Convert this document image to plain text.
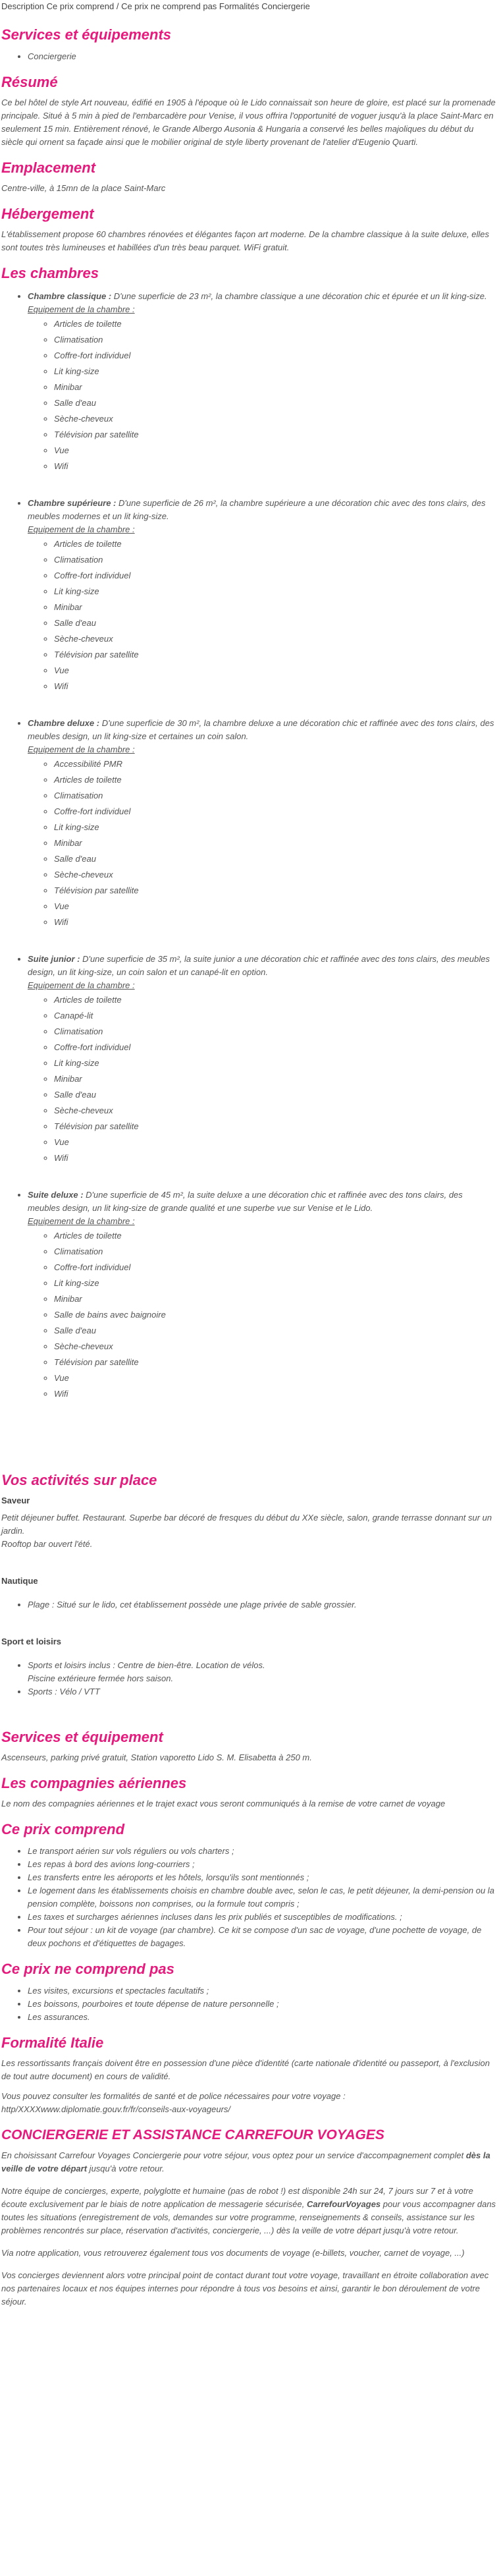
Description Ce prix comprend / Ce prix ne comprend pas Formalités Conciergerie

Services et équipements
• Conciergerie
Résumé

Ce bel hôtel de style Art nouveau, édifié en 1905 à l'époque où le Lido connaissait son heure de gloire, est placé sur la promenade principale. Situé à 5 min à pied de l'embarcadère pour Venise, il vous offrira l'opportunité de voguer jusqu'à la place Saint-Marc en seulement 15 min. Entièrement rénové, le Grande Albergo Ausonia & Hungaria a conservé les belles majoliques du début du siècle qui ornent sa façade ainsi que le mobilier original de style liberty provenant de l'atelier d'Eugenio Quarti.

Emplacement

Centre-ville, à 15mn de la place Saint-Marc

Hébergement

L'établissement propose 60 chambres rénovées et élégantes façon art moderne. De la chambre classique à la suite deluxe, elles sont toutes très lumineuses et habillées d'un très beau parquet. WiFi gratuit.

Les chambres
• Chambre classique : D'une superficie de 23 m², la chambre classique a une décoration chic et épurée et un lit king-size.
Equipement de la chambre :
◦ Articles de toilette
◦ Climatisation
◦ Coffre-fort individuel
◦ Lit king-size
◦ Minibar
◦ Salle d'eau
◦ Sèche-cheveux
◦ Télévision par satellite
◦ Vue
◦ Wifi
• Chambre supérieure : D'une superficie de 26 m², la chambre supérieure a une décoration chic avec des tons clairs, des meubles modernes et un lit king-size.
Equipement de la chambre :
◦ Articles de toilette
◦ Climatisation
◦ Coffre-fort individuel
◦ Lit king-size
◦ Minibar
◦ Salle d'eau
◦ Sèche-cheveux
◦ Télévision par satellite
◦ Vue
◦ Wifi
• Chambre deluxe : D'une superficie de 30 m², la chambre deluxe a une décoration chic et raffinée avec des tons clairs, des meubles design, un lit king-size et certaines un coin salon.
Equipement de la chambre :
◦ Accessibilité PMR
◦ Articles de toilette
◦ Climatisation
◦ Coffre-fort individuel
◦ Lit king-size
◦ Minibar
◦ Salle d'eau
◦ Sèche-cheveux
◦ Télévision par satellite
◦ Vue
◦ Wifi
• Suite junior : D'une superficie de 35 m², la suite junior a une décoration chic et raffinée avec des tons clairs, des meubles design, un lit king-size, un coin salon et un canapé-lit en option.
Equipement de la chambre :
◦ Articles de toilette
◦ Canapé-lit
◦ Climatisation
◦ Coffre-fort individuel
◦ Lit king-size
◦ Minibar
◦ Salle d'eau
◦ Sèche-cheveux
◦ Télévision par satellite
◦ Vue
◦ Wifi
• Suite deluxe : D'une superficie de 45 m², la suite deluxe a une décoration chic et raffinée avec des tons clairs, des meubles design, un lit king-size de grande qualité et une superbe vue sur Venise et le Lido.
Equipement de la chambre :
◦ Articles de toilette
◦ Climatisation
◦ Coffre-fort individuel
◦ Lit king-size
◦ Minibar
◦ Salle de bains avec baignoire
◦ Salle d'eau
◦ Sèche-cheveux
◦ Télévision par satellite
◦ Vue
◦ Wifi
Vos activités sur place
Saveur

Petit déjeuner buffet. Restaurant. Superbe bar décoré de fresques du début du XXe siècle, salon, grande terrasse donnant sur un jardin.
Rooftop bar ouvert l'été.

Nautique
• Plage : Situé sur le lido, cet établissement possède une plage privée de sable grossier.
Sport et loisirs
• Sports et loisirs inclus : Centre de bien-être. Location de vélos.
Piscine extérieure fermée hors saison.
• Sports : Vélo / VTT
Services et équipement

Ascenseurs, parking privé gratuit, Station vaporetto Lido S. M. Elisabetta à 250 m.

Les compagnies aériennes

Le nom des compagnies aériennes et le trajet exact vous seront communiqués à la remise de votre carnet de voyage

Ce prix comprend
• Le transport aérien sur vols réguliers ou vols charters ;
• Les repas à bord des avions long-courriers ;
• Les transferts entre les aéroports et les hôtels, lorsqu'ils sont mentionnés ;
• Le logement dans les établissements choisis en chambre double avec, selon le cas, le petit déjeuner, la demi-pension ou la pension complète, boissons non comprises, ou la formule tout compris ;
• Les taxes et surcharges aériennes incluses dans les prix publiés et susceptibles de modifications. ;
• Pour tout séjour : un kit de voyage (par chambre). Ce kit se compose d'un sac de voyage, d'une pochette de voyage, de deux pochons et d'étiquettes de bagages.
Ce prix ne comprend pas
• Les visites, excursions et spectacles facultatifs ;
• Les boissons, pourboires et toute dépense de nature personnelle ;
• Les assurances.
Formalité Italie

Les ressortissants français doivent être en possession d'une pièce d'identité (carte nationale d'identité ou passeport, à l'exclusion de tout autre document) en cours de validité.

Vous pouvez consulter les formalités de santé et de police nécessaires pour votre voyage :
http/XXXXwww.diplomatie.gouv.fr/fr/conseils-aux-voyageurs/

CONCIERGERIE ET ASSISTANCE CARREFOUR VOYAGES

En choisissant Carrefour Voyages Conciergerie pour votre séjour, vous optez pour un service d'accompagnement complet dès la veille de votre départ jusqu'à votre retour.

Notre équipe de concierges, experte, polyglotte et humaine (pas de robot !) est disponible 24h sur 24, 7 jours sur 7 et à votre écoute exclusivement par le biais de notre application de messagerie sécurisée, CarrefourVoyages pour vous accompagner dans toutes les situations (enregistrement de vols, demandes sur votre programme, renseignements & conseils, assistance sur les problèmes rencontrés sur place, réservation d'activités, conciergerie, ...) dès la veille de votre départ jusqu'à votre retour.

Via notre application, vous retrouverez également tous vos documents de voyage (e-billets, voucher, carnet de voyage, ...)

Vos concierges deviennent alors votre principal point de contact durant tout votre voyage, travaillant en étroite collaboration avec nos partenaires locaux et nos équipes internes pour répondre à tous vos besoins et ainsi, garantir le bon déroulement de votre séjour.
